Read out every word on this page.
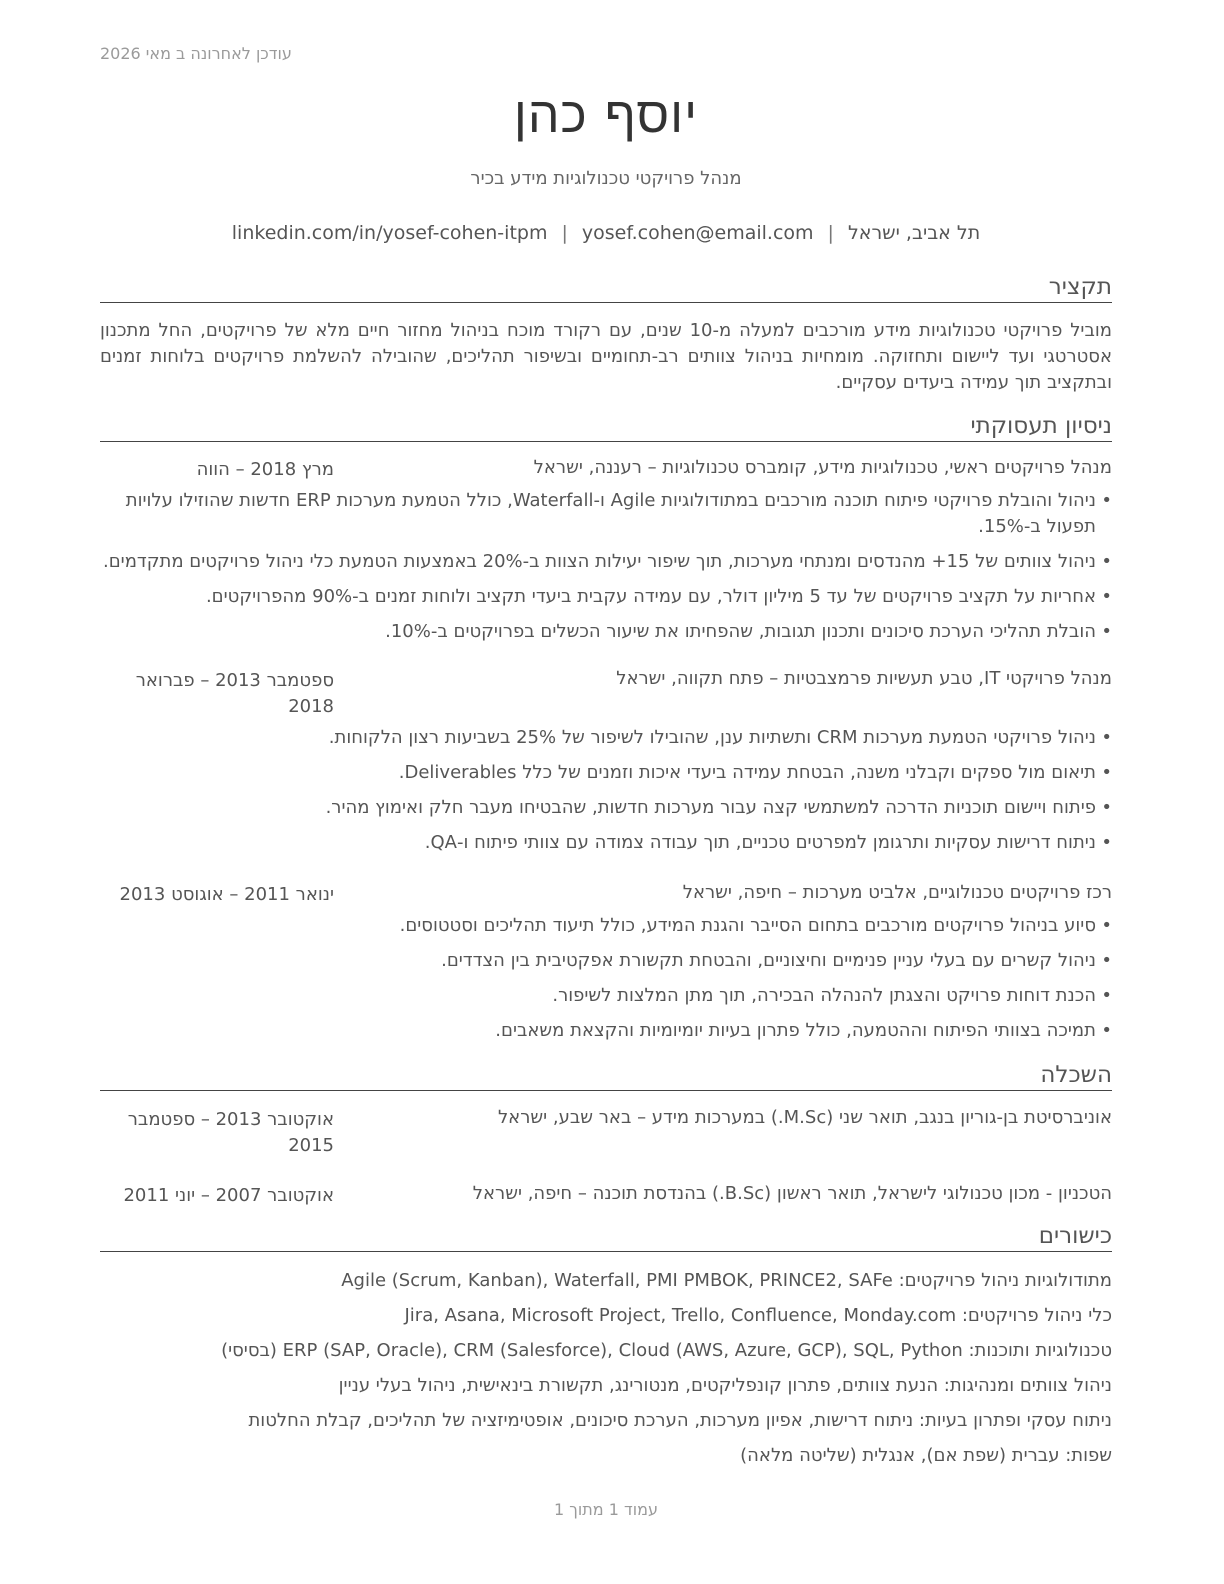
עודכן לאחרונה ב מאי 2026
יוסף כהן
מנהל פרויקטי טכנולוגיות מידע בכיר
תל אביב, ישראל|yosef.cohen@email.com|linkedin.com/in/yosef-cohen-itpm
תקציר
מוביל פרויקטי טכנולוגיות מידע מורכבים למעלה מ-10 שנים, עם רקורד מוכח בניהול מחזור חיים מלא של פרויקטים, החל מתכנון אסטרטגי ועד ליישום ותחזוקה. מומחיות בניהול צוותים רב-תחומיים ובשיפור תהליכים, שהובילה להשלמת פרויקטים בלוחות זמנים ובתקציב תוך עמידה ביעדים עסקיים.
ניסיון תעסוקתי
מנהל פרויקטים ראשי, טכנולוגיות מידע, קומברס טכנולוגיות – רעננה, ישראל
מרץ 2018 – הווה
• ניהול והובלת פרויקטי פיתוח תוכנה מורכבים במתודולוגיות Agile ו-Waterfall, כולל הטמעת מערכות ERP חדשות שהוזילו עלויות תפעול ב-15%.
• ניהול צוותים של 15+ מהנדסים ומנתחי מערכות, תוך שיפור יעילות הצוות ב-20% באמצעות הטמעת כלי ניהול פרויקטים מתקדמים.
• אחריות על תקציב פרויקטים של עד 5 מיליון דולר, עם עמידה עקבית ביעדי תקציב ולוחות זמנים ב-90% מהפרויקטים.
• הובלת תהליכי הערכת סיכונים ותכנון תגובות, שהפחיתו את שיעור הכשלים בפרויקטים ב-10%.
מנהל פרויקטי IT, טבע תעשיות פרמצבטיות – פתח תקווה, ישראל
ספטמבר 2013 – פברואר 2018
• ניהול פרויקטי הטמעת מערכות CRM ותשתיות ענן, שהובילו לשיפור של 25% בשביעות רצון הלקוחות.
• תיאום מול ספקים וקבלני משנה, הבטחת עמידה ביעדי איכות וזמנים של כלל Deliverables.
• פיתוח ויישום תוכניות הדרכה למשתמשי קצה עבור מערכות חדשות, שהבטיחו מעבר חלק ואימוץ מהיר.
• ניתוח דרישות עסקיות ותרגומן למפרטים טכניים, תוך עבודה צמודה עם צוותי פיתוח ו-QA.
רכז פרויקטים טכנולוגיים, אלביט מערכות – חיפה, ישראל
ינואר 2011 – אוגוסט 2013
• סיוע בניהול פרויקטים מורכבים בתחום הסייבר והגנת המידע, כולל תיעוד תהליכים וסטטוסים.
• ניהול קשרים עם בעלי עניין פנימיים וחיצוניים, והבטחת תקשורת אפקטיבית בין הצדדים.
• הכנת דוחות פרויקט והצגתן להנהלה הבכירה, תוך מתן המלצות לשיפור.
• תמיכה בצוותי הפיתוח וההטמעה, כולל פתרון בעיות יומיומיות והקצאת משאבים.
השכלה
אוניברסיטת בן-גוריון בנגב, תואר שני (M.Sc.) במערכות מידע – באר שבע, ישראל
אוקטובר 2013 – ספטמבר 2015
הטכניון - מכון טכנולוגי לישראל, תואר ראשון (B.Sc.) בהנדסת תוכנה – חיפה, ישראל
אוקטובר 2007 – יוני 2011
כישורים
מתודולוגיות ניהול פרויקטים: Agile (Scrum, Kanban), Waterfall, PMI PMBOK, PRINCE2, SAFe
כלי ניהול פרויקטים: Jira, Asana, Microsoft Project, Trello, Confluence, Monday.com
טכנולוגיות ותוכנות: ERP (SAP, Oracle), CRM (Salesforce), Cloud (AWS, Azure, GCP), SQL, Python (בסיסי)
ניהול צוותים ומנהיגות: הנעת צוותים, פתרון קונפליקטים, מנטורינג, תקשורת בינאישית, ניהול בעלי עניין
ניתוח עסקי ופתרון בעיות: ניתוח דרישות, אפיון מערכות, הערכת סיכונים, אופטימיזציה של תהליכים, קבלת החלטות
שפות: עברית (שפת אם), אנגלית (שליטה מלאה)
עמוד 1 מתוך 1
